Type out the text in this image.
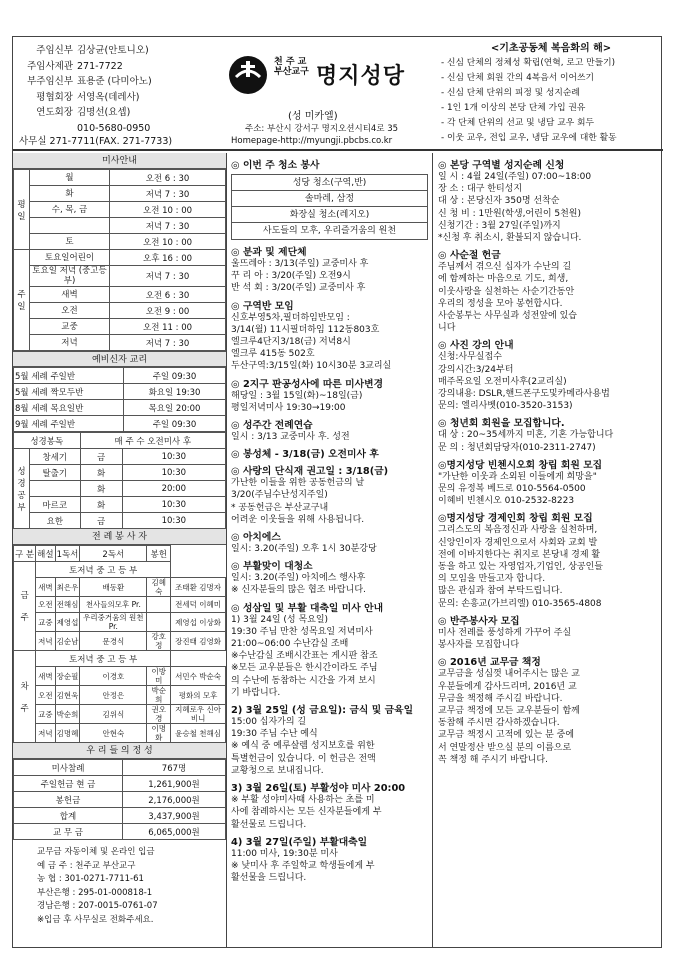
주임신부 김상균(안토니오)
주임사제관 271-7722
부주임신부 표용준 (다미아노)
평협회장 서영옥(데레사)
연도회장 김명선(요셉)
010-5680-0950
사무실 271-7711(FAX. 271-7733)
천 주 교
부산교구 명지성당
(성 미카엘)
주소: 부산시 강서구 명지오션시티4로 35
Homepage-http://myungji.pbcbs.co.kr
<기초공동체 복음화의 해>
- 신심 단체의 정체성 확립(연혁, 로고 만들기)
- 신심 단체 회원 간의 4복음서 이어쓰기
- 신심 단체 단위의 피정 및 성지순례
- 1인 1개 이상의 본당 단체 가입 권유
- 각 단체 단위의 선교 및 냉담 교우 회두
- 이웃 교우, 전입 교우, 냉담 교우에 대한 활동
미사안내
평일	월	오전 6 : 30
	화	저녁 7 : 30
	수, 목, 금	오전 10 : 00
		저녁 7 : 30
	토	오전 10 : 00
주일	토요일어린이	오후 16 : 00
	토요일 저녁 (중고등부)	저녁 7 : 30
	새벽	오전 6 : 30
	오전	오전 9 : 00
	교중	오전 11 : 00
	저녁	저녁 7 : 30
예비신자 교리
5월 세례 주일반	주일 09:30
5월 세례 짝모두반	화요일 19:30
8월 세례 목요일반	목요일 20:00
9월 세례 주일반	주일 09:30
성경봉독		매 주 수 오전미사 후	
성경공부	창세기	금	10:30
	탈출기	화	10:30
		화	20:00
	마르코	화	10:30
	요한	금	10:30
전 례 봉 사 자
구 분	해설	1독서	2독서	봉헌	
금

주	토저녁 중 고 등 부				
	새벽	최은우	배동환	김혜숙	조태환 김명자
	오전	전해심	천사들의모후 Pr.		전세덕 이혜미
	교중	제영섭	우리중거움의 원천 Pr.		제영섭 이상화
	저녁	김순남	문경식	강호정	장진태 김영화
차

주	토저녁 중 고 등 부				
	새벽	장순필	이경호	이방미	서민수 박순숙
	오전	김현욱	안정은	박순희	평화의 모후
	교중	박순희	김위식	권오경	지혜로우 신아비니
	저녁	김명혜	안현숙	이명화	윤승철 천해심
우 리 들 의 정 성
미사참례	767명
주일헌금 현 금	1,261,900원
봉헌금	2,176,000원
합계	3,437,900원
교 무 금	6,065,000원
교무금 자동이체 및 온라인 입금
예 금 주 : 천주교 부산교구
농 협 : 301-0271-7711-61
부산은행 : 295-01-000818-1
경남은행 : 207-0015-0761-07
※입금 후 사무실로 전화주세요.
◎ 이번 주 청소 봉사
성당 청소(구역,반)
솔마레, 삼정
화장실 청소(레지오)
사도들의 모후, 우리즐거움의 원천
◎ 분과 및 제단체
울뜨레아 : 3/13(주일) 교중미사 후
꾸 리 아 : 3/20(주일) 오전9시
반 석 회 : 3/20(주일) 교중미사 후
◎ 구역반 모임
신호부영5차,필더하임반모임 :
3/14(월) 11시필더하임 112동803호
엘크루4단지3/18(금) 저녁8시
엘크루 415동 502호
두산구역:3/15일(화) 10시30분 3교리실
◎ 2지구 판공성사에 따른 미사변경
해당일 : 3월 15일(화)~18일(금)
평일저녁미사 19:30→19:00
◎ 성주간 전례연습
일시 : 3/13 교중미사 후. 성전
◎ 봉성체 - 3/18(금) 오전미사 후
◎ 사랑의 단식재 권고일 : 3/18(금)
가난한 이들을 위한 공동헌금의 날
3/20(주님수난성지주일)
* 공동헌금은 부산교구내
어려운 이웃들을 위해 사용됩니다.
◎ 아치에스
일시: 3.20(주일) 오후 1시 30분강당
◎ 부활맞이 대청소
일시: 3.20(주일) 아치에스 행사후
※ 신자분들의 많은 협조 바랍니다.
◎ 성삼일 및 부활 대축일 미사 안내
1) 3월 24일 (성 목요일)
19:30 주님 만찬 성목요일 저녁미사
21:00~06:00 수난감실 조배
※수난감실 조배시간표는 게시판 참조
※모든 교우분들은 한시간이라도 주님
의 수난에 동참하는 시간을 가져 보시
기 바랍니다.
2) 3월 25일 (성 금요일): 금식 및 금육일
15:00 십자가의 길
19:30 주님 수난 예식
※ 예식 중 예루살렘 성지보호를 위한
특별헌금이 있습니다. 이 헌금은 전액
교황청으로 보내집니다.
3) 3월 26일(토) 부활성야 미사 20:00
※ 부활 성야미사때 사용하는 초를 미
사에 참례하시는 모든 신자분들에게 부
활선물로 드립니다.
4) 3월 27일(주일) 부활대축일
11:00 미사, 19:30분 미사
※ 낮미사 후 주일학교 학생들에게 부
활선물을 드립니다.
◎ 본당 구역별 성지순례 신청
일 시 : 4월 24일(주일) 07:00~18:00
장 소 : 대구 한티성지
대 상 : 본당신자 350명 선착순
신 청 비 : 1만원(학생,어린이 5천원)
신청기간 : 3월 27일(주일)까지
*신청 후 취소시, 환불되지 않습니다.
◎ 사순절 헌금
주님께서 겪으신 십자가 수난의 길
에 함께하는 마음으로 기도, 희생,
이웃사랑을 실천하는 사순기간동안
우리의 정성을 모아 봉헌합시다.
사순봉투는 사무실과 성전앞에 있습
니다
◎ 사진 강의 안내
신청:사무실접수
강의시간:3/24부터
매주목요일 오전미사후(2교리실)
강의내용: DSLR,핸드폰구도및카메라사용법
문의: 엘리사벳(010-3520-3153)
◎ 청년회 회원을 모집합니다.
대 상 : 20~35세까지 미혼, 기혼 가능합니다
문 의 : 청년회담당자(010-2311-2747)
◎명지성당 빈첸시오회 창립 회원 모집
"가난한 이웃과 소외된 이들에게 희망을"
문의 유정복 베드로 010-5564-0500
이혜비 빈첸시오 010-2532-8223
◎명지성당 경제인회 창립 회원 모집
그리스도의 복음정신과 사랑을 실천하며,
신앙인이자 경제인으로서 사회와 교회 발
전에 이바지한다는 취지로 본당내 경제 활
동을 하고 있는 자영업자,기업인, 상공인들
의 모임을 만들고자 합니다.
많은 관심과 참여 부탁드립니다.
문의: 손흥교(가브리엘) 010-3565-4808
◎ 반주봉사자 모집
미사 전례를 풍성하게 가꾸어 주실
봉사자를 모집합니다
◎ 2016년 교무금 책정
교무금을 성심껏 내어주시는 많은 교
우분들에게 감사드리며, 2016년 교
무금을 책정해 주시길 바랍니다.
교무금 책정에 모든 교우분들이 함께
동참해 주시면 감사하겠습니다.
교무금 책정시 고적에 있는 분 중에
서 연말정산 받으실 분의 이름으로
꼭 책정 해 주시기 바랍니다.
